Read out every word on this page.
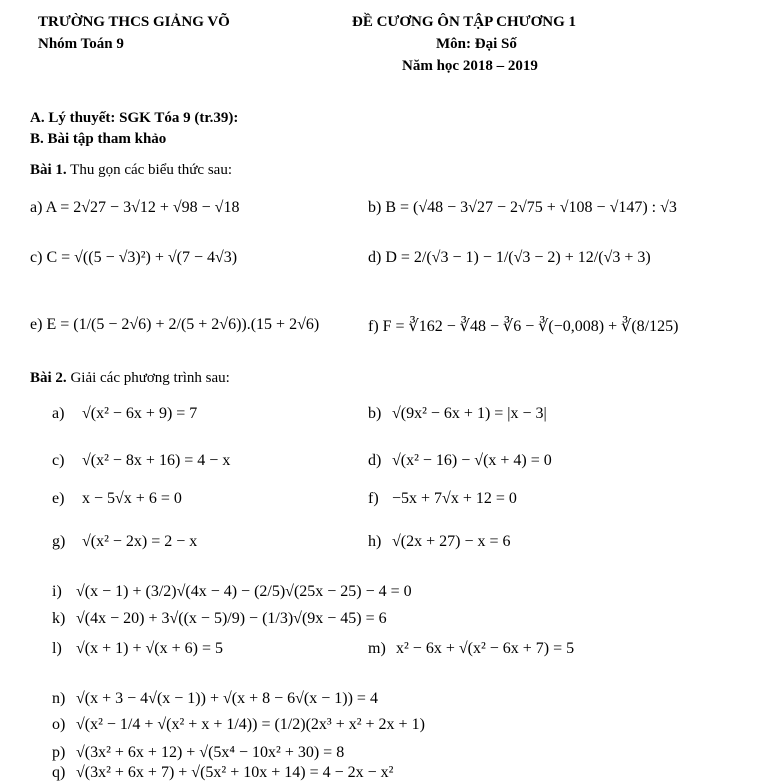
TRƯỜNG THCS GIẢNG VÕ
Nhóm Toán 9
ĐỀ CƯƠNG ÔN TẬP CHƯƠNG 1
Môn: Đại Số
Năm học 2018 – 2019
A. Lý thuyết: SGK Tóa 9 (tr.39):
B. Bài tập tham khảo
Bài 1. Thu gọn các biểu thức sau:
a) A = 2√27 − 3√12 + √98 − √18	b) B = (√48 − 3√27 − 2√75 + √108 − √147) : √3
c) C = √((5 − √3)²) + √(7 − 4√3)	d) D = 2/(√3 − 1) − 1/(√3 − 2) + 12/(√3 + 3)
e) E = (1/(5 − 2√6) + 2/(5 + 2√6)).(15 + 2√6)	f) F = ∛162 − ∛48 − ∛6 − ∛(−0,008) + ∛(8/125)
Bài 2. Giải các phương trình sau:
a) √(x² − 6x + 9) = 7	b) √(9x² − 6x + 1) = |x − 3|
c) √(x² − 8x + 16) = 4 − x	d) √(x² − 16) − √(x + 4) = 0
e) x − 5√x + 6 = 0	f) −5x + 7√x + 12 = 0
g) √(x² − 2x) = 2 − x	h) √(2x + 27) − x = 6
i) √(x − 1) + (3/2)√(4x − 4) − (2/5)√(25x − 25) − 4 = 0
k) √(4x − 20) + 3√((x − 5)/9) − (1/3)√(9x − 45) = 6
l) √(x + 1) + √(x + 6) = 5	m) x² − 6x + √(x² − 6x + 7) = 5
n) √(x + 3 − 4√(x − 1)) + √(x + 8 − 6√(x − 1)) = 4
o) √(x² − 1/4 + √(x² + x + 1/4)) = (1/2)(2x³ + x² + 2x + 1)
p) √(3x² + 6x + 12) + √(5x⁴ − 10x² + 30) = 8
q) √(3x² + 6x + 7) + √(5x² + 10x + 14) = 4 − 2x − x²
